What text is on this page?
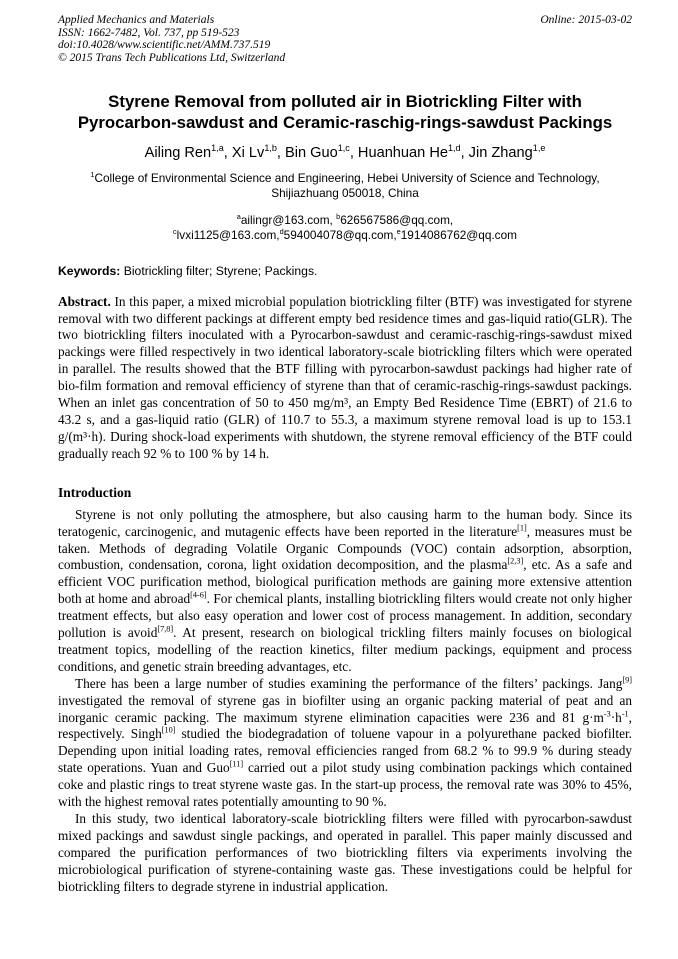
Applied Mechanics and Materials
ISSN: 1662-7482, Vol. 737, pp 519-523
doi:10.4028/www.scientific.net/AMM.737.519
© 2015 Trans Tech Publications Ltd, Switzerland
Online: 2015-03-02
Styrene Removal from polluted air in Biotrickling Filter with
Pyrocarbon-sawdust and Ceramic-raschig-rings-sawdust Packings
Ailing Ren$^{1,a}$, Xi Lv$^{1,b}$, Bin Guo$^{1,c}$, Huanhuan He$^{1,d}$, Jin Zhang$^{1,e}$
$^1$College of Environmental Science and Engineering, Hebei University of Science and Technology,
Shijiazhuang 050018, China
$^a$ailingr@163.com, $^b$626567586@qq.com,
$^c$lvxi1125@163.com,$^d$594004078@qq.com,$^e$1914086762@qq.com
Keywords: Biotrickling filter; Styrene; Packings.
Abstract. In this paper, a mixed microbial population biotrickling filter (BTF) was investigated for styrene removal with two different packings at different empty bed residence times and gas-liquid ratio(GLR). The two biotrickling filters inoculated with a Pyrocarbon-sawdust and ceramic-raschig-rings-sawdust mixed packings were filled respectively in two identical laboratory-scale biotrickling filters which were operated in parallel. The results showed that the BTF filling with pyrocarbon-sawdust packings had higher rate of bio-film formation and removal efficiency of styrene than that of ceramic-raschig-rings-sawdust packings. When an inlet gas concentration of 50 to 450 mg/m³, an Empty Bed Residence Time (EBRT) of 21.6 to 43.2 s, and a gas-liquid ratio (GLR) of 110.7 to 55.3, a maximum styrene removal load is up to 153.1 g/(m³·h). During shock-load experiments with shutdown, the styrene removal efficiency of the BTF could gradually reach 92 % to 100 % by 14 h.
Introduction

Styrene is not only polluting the atmosphere, but also causing harm to the human body. Since its teratogenic, carcinogenic, and mutagenic effects have been reported in the literature[1], measures must be taken. Methods of degrading Volatile Organic Compounds (VOC) contain adsorption, absorption, combustion, condensation, corona, light oxidation decomposition, and the plasma[2,3], etc. As a safe and efficient VOC purification method, biological purification methods are gaining more extensive attention both at home and abroad[4-6]. For chemical plants, installing biotrickling filters would create not only higher treatment effects, but also easy operation and lower cost of process management. In addition, secondary pollution is avoid[7,8]. At present, research on biological trickling filters mainly focuses on biological treatment topics, modelling of the reaction kinetics, filter medium packings, equipment and process conditions, and genetic strain breeding advantages, etc.

There has been a large number of studies examining the performance of the filters’ packings. Jang[9] investigated the removal of styrene gas in biofilter using an organic packing material of peat and an inorganic ceramic packing. The maximum styrene elimination capacities were 236 and 81 $g\cdot m^{-3}\cdot h^{-1}$, respectively. Singh[10] studied the biodegradation of toluene vapour in a polyurethane packed biofilter. Depending upon initial loading rates, removal efficiencies ranged from 68.2 % to 99.9 % during steady state operations. Yuan and Guo[11] carried out a pilot study using combination packings which contained coke and plastic rings to treat styrene waste gas. In the start-up process, the removal rate was 30% to 45%, with the highest removal rates potentially amounting to 90 %.

In this study, two identical laboratory-scale biotrickling filters were filled with pyrocarbon-sawdust mixed packings and sawdust single packings, and operated in parallel. This paper mainly discussed and compared the purification performances of two biotrickling filters via experiments involving the microbiological purification of styrene-containing waste gas. These investigations could be helpful for biotrickling filters to degrade styrene in industrial application.
